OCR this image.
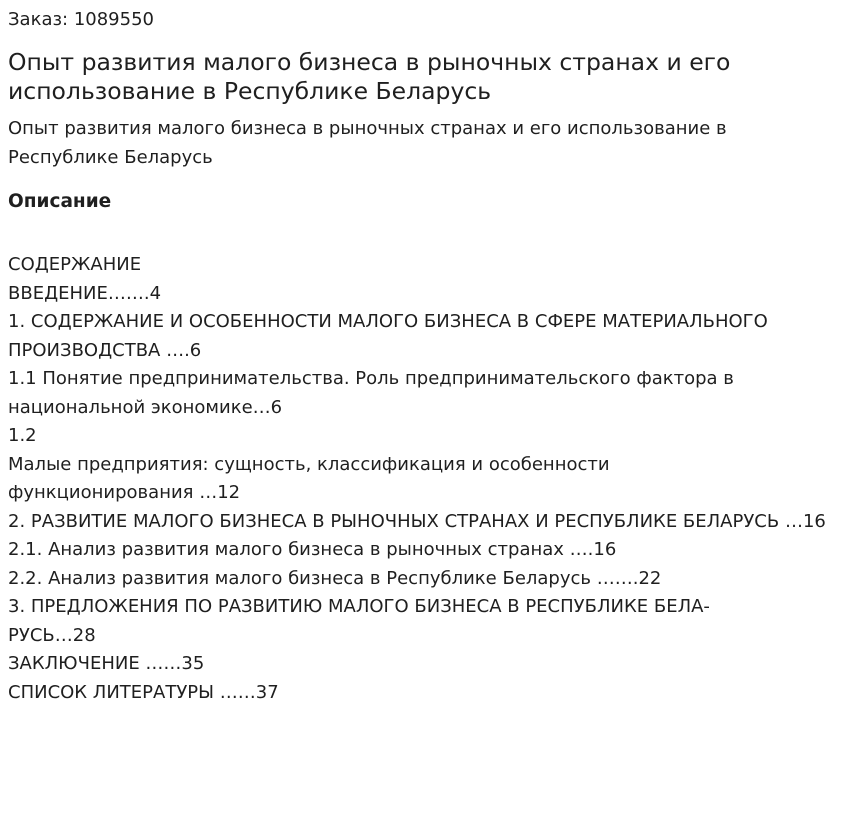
Заказ: 1089550

Опыт развития малого бизнеса в рыночных странах и его использование в Республике Беларусь

Опыт развития малого бизнеса в рыночных странах и его использование в Республике Беларусь

Описание
СОДЕРЖАНИЕ
ВВЕДЕНИЕ…….4
1. СОДЕРЖАНИЕ И ОСОБЕННОСТИ МАЛОГО БИЗНЕСА В СФЕРЕ МАТЕРИАЛЬНОГО ПРОИЗВОДСТВА ….6
1.1 Понятие предпринимательства. Роль предпринимательского фактора в национальной экономике…6
1.2
Малые предприятия: сущность, классификация и особенности функционирования …12
2. РАЗВИТИЕ МАЛОГО БИЗНЕСА В РЫНОЧНЫХ СТРАНАХ И РЕСПУБЛИКЕ БЕЛАРУСЬ …16
2.1. Анализ развития малого бизнеса в рыночных странах ….16
2.2. Анализ развития малого бизнеса в Республике Беларусь …….22
3. ПРЕДЛОЖЕНИЯ ПО РАЗВИТИЮ МАЛОГО БИЗНЕСА В РЕСПУБЛИКЕ БЕЛА-РУСЬ…28
ЗАКЛЮЧЕНИЕ ……35
СПИСОК ЛИТЕРАТУРЫ ……37
